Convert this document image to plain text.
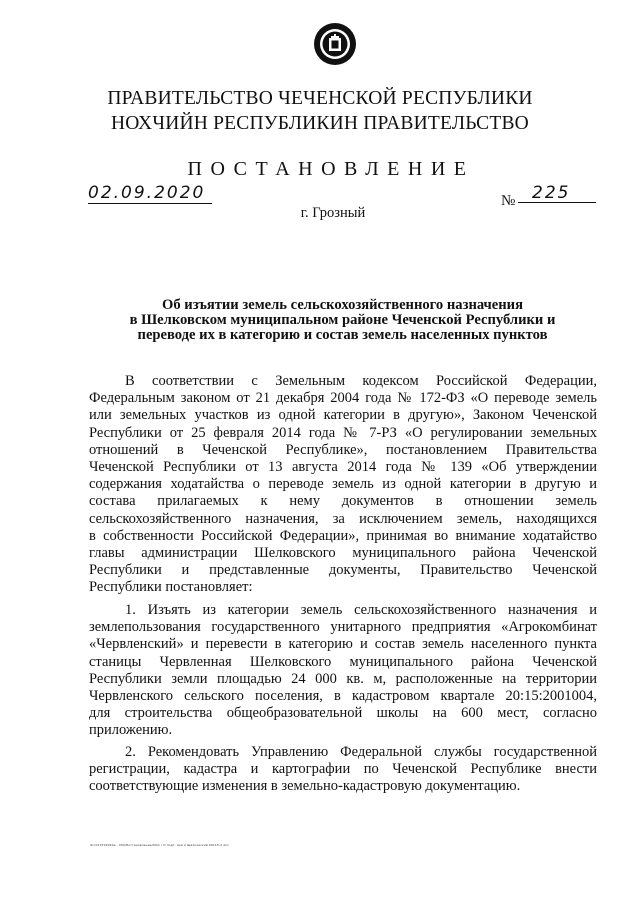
ПРАВИТЕЛЬСТВО ЧЕЧЕНСКОЙ РЕСПУБЛИКИ
НОХЧИЙН РЕСПУБЛИКИН ПРАВИТЕЛЬСТВО
ПОСТАНОВЛЕНИЕ
02.09.2020	№ 225
г. Грозный
Об изъятии земель сельскохозяйственного назначения
в Шелковском муниципальном районе Чеченской Республики и
переводе их в категорию и состав земель населенных пунктов
В соответствии с Земельным кодексом Российской Федерации,
Федеральным законом от 21 декабря 2004 года № 172-ФЗ «О переводе земель
или земельных участков из одной категории в другую», Законом Чеченской
Республики от 25 февраля 2014 года № 7-РЗ «О регулировании земельных
отношений в Чеченской Республике», постановлением Правительства
Чеченской Республики от 13 августа 2014 года № 139 «Об утверждении
содержания ходатайства о переводе земель из одной категории в другую и
состава прилагаемых к нему документов в отношении земель
сельскохозяйственного назначения, за исключением земель, находящихся
в собственности Российской Федерации», принимая во внимание ходатайство
главы администрации Шелковского муниципального района Чеченской
Республики и представленные документы, Правительство Чеченской
Республики постановляет:
1. Изъять из категории земель сельскохозяйственного назначения и
землепользования государственного унитарного предприятия «Агрокомбинат
«Червленский» и перевести в категорию и состав земель населенного пункта
станицы Червленная Шелковского муниципального района Чеченской
Республики земли площадью 24 000 кв. м, расположенные на территории
Червленского сельского поселения, в кадастровом квартале 20:15:2001004,
для строительства общеобразовательной школы на 600 мест, согласно
приложению.
2. Рекомендовать Управлению Федеральной службы государственной
регистрации, кадастра и картографии по Чеченской Республике внести
соответствующие изменения в земельно-кадастровую документацию.
lb=010702020e - 000/Постановление/00\1 \ О подт. изм и Шелковский 00115-2 doc
